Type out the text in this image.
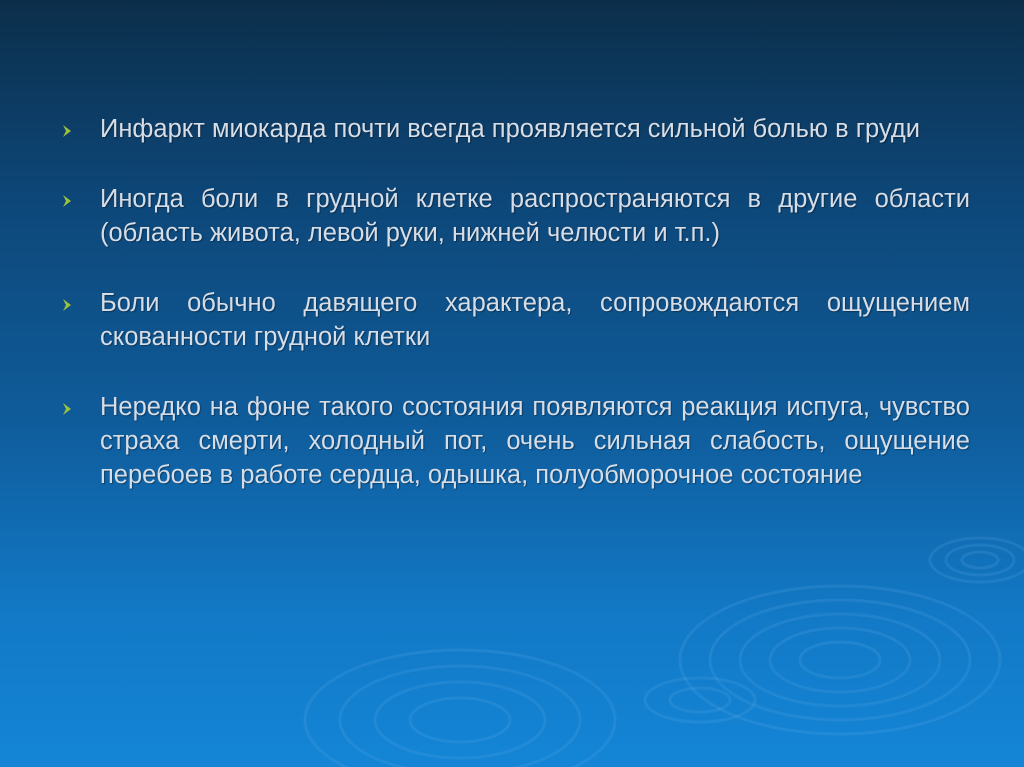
Инфаркт миокарда почти всегда проявляется сильной болью в груди
Иногда боли в грудной клетке распространяются в другие области (область живота, левой руки, нижней челюсти и т.п.)
Боли обычно давящего характера, сопровождаются ощущением скованности грудной клетки
Нередко на фоне такого состояния появляются реакция испуга, чувство страха смерти, холодный пот, очень сильная слабость, ощущение перебоев в работе сердца, одышка, полуобморочное состояние
